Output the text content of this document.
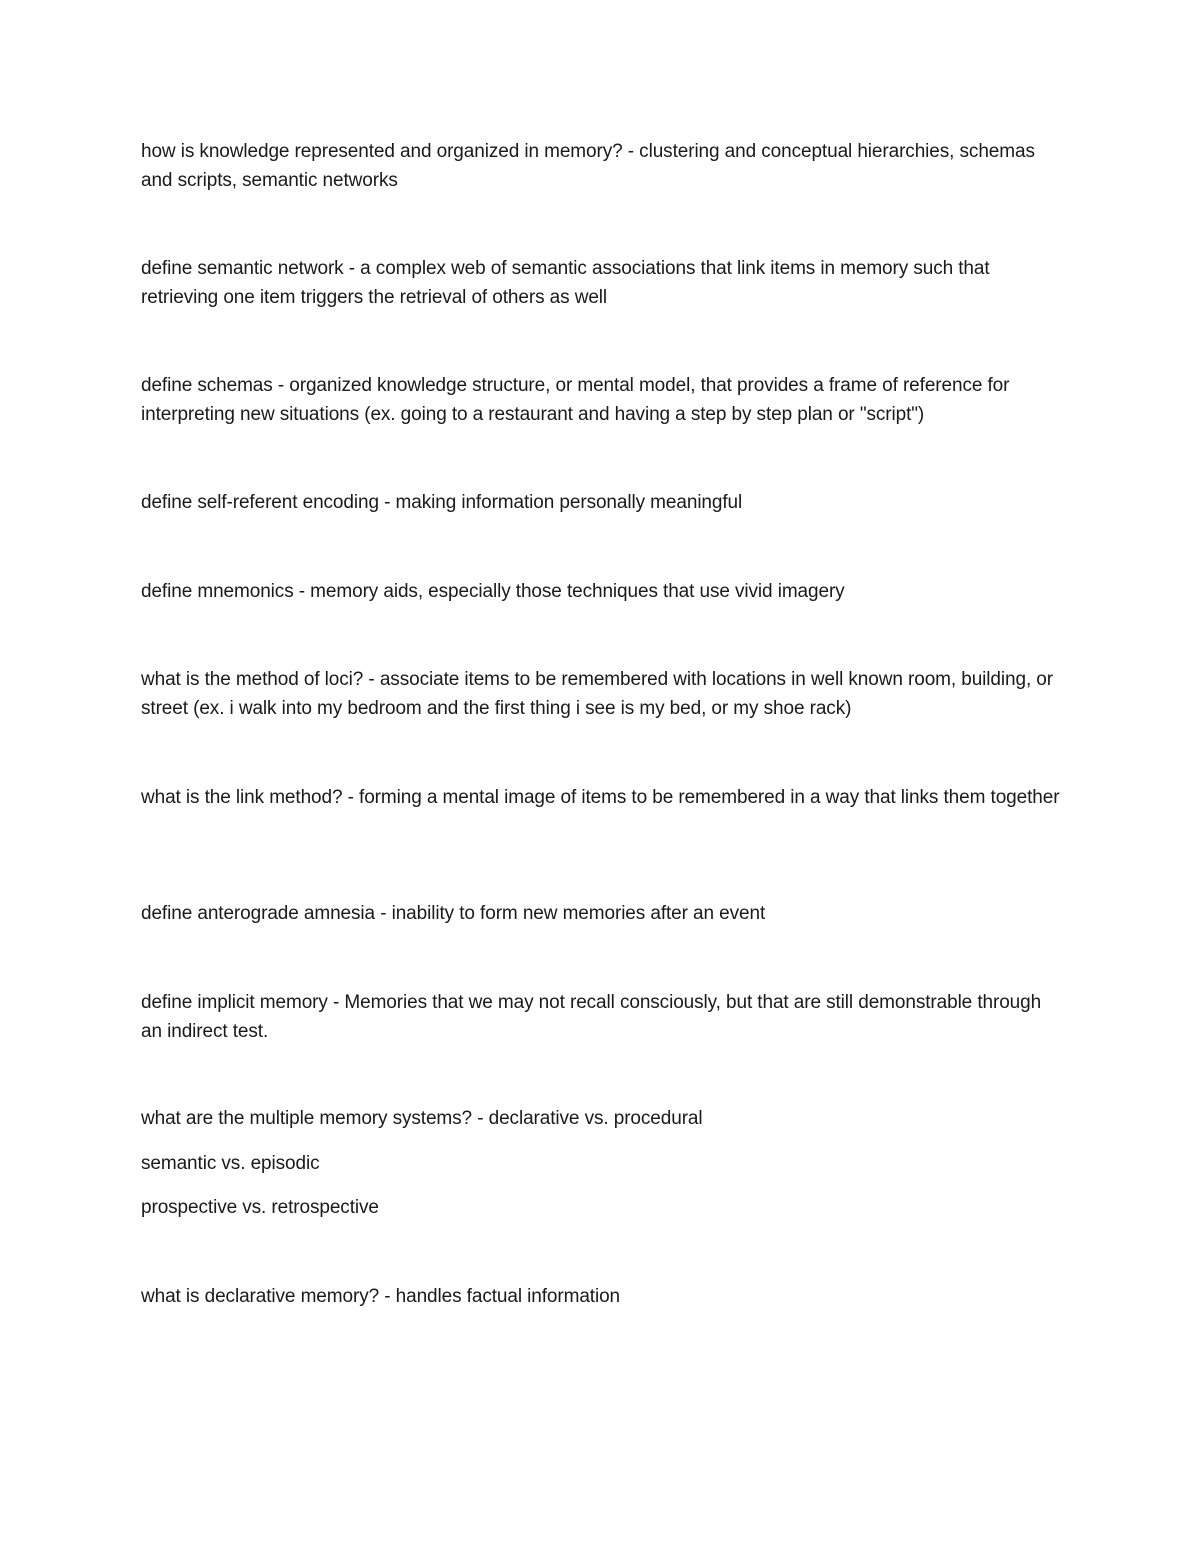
how is knowledge represented and organized in memory? - clustering and conceptual hierarchies, schemas and scripts, semantic networks

define semantic network - a complex web of semantic associations that link items in memory such that retrieving one item triggers the retrieval of others as well

define schemas - organized knowledge structure, or mental model, that provides a frame of reference for interpreting new situations (ex. going to a restaurant and having a step by step plan or "script")

define self-referent encoding - making information personally meaningful

define mnemonics - memory aids, especially those techniques that use vivid imagery

what is the method of loci? - associate items to be remembered with locations in well known room, building, or street (ex. i walk into my bedroom and the first thing i see is my bed, or my shoe rack)

what is the link method? - forming a mental image of items to be remembered in a way that links them together

define anterograde amnesia - inability to form new memories after an event

define implicit memory - Memories that we may not recall consciously, but that are still demonstrable through an indirect test.

what are the multiple memory systems? - declarative vs. procedural

semantic vs. episodic

prospective vs. retrospective

what is declarative memory? - handles factual information
